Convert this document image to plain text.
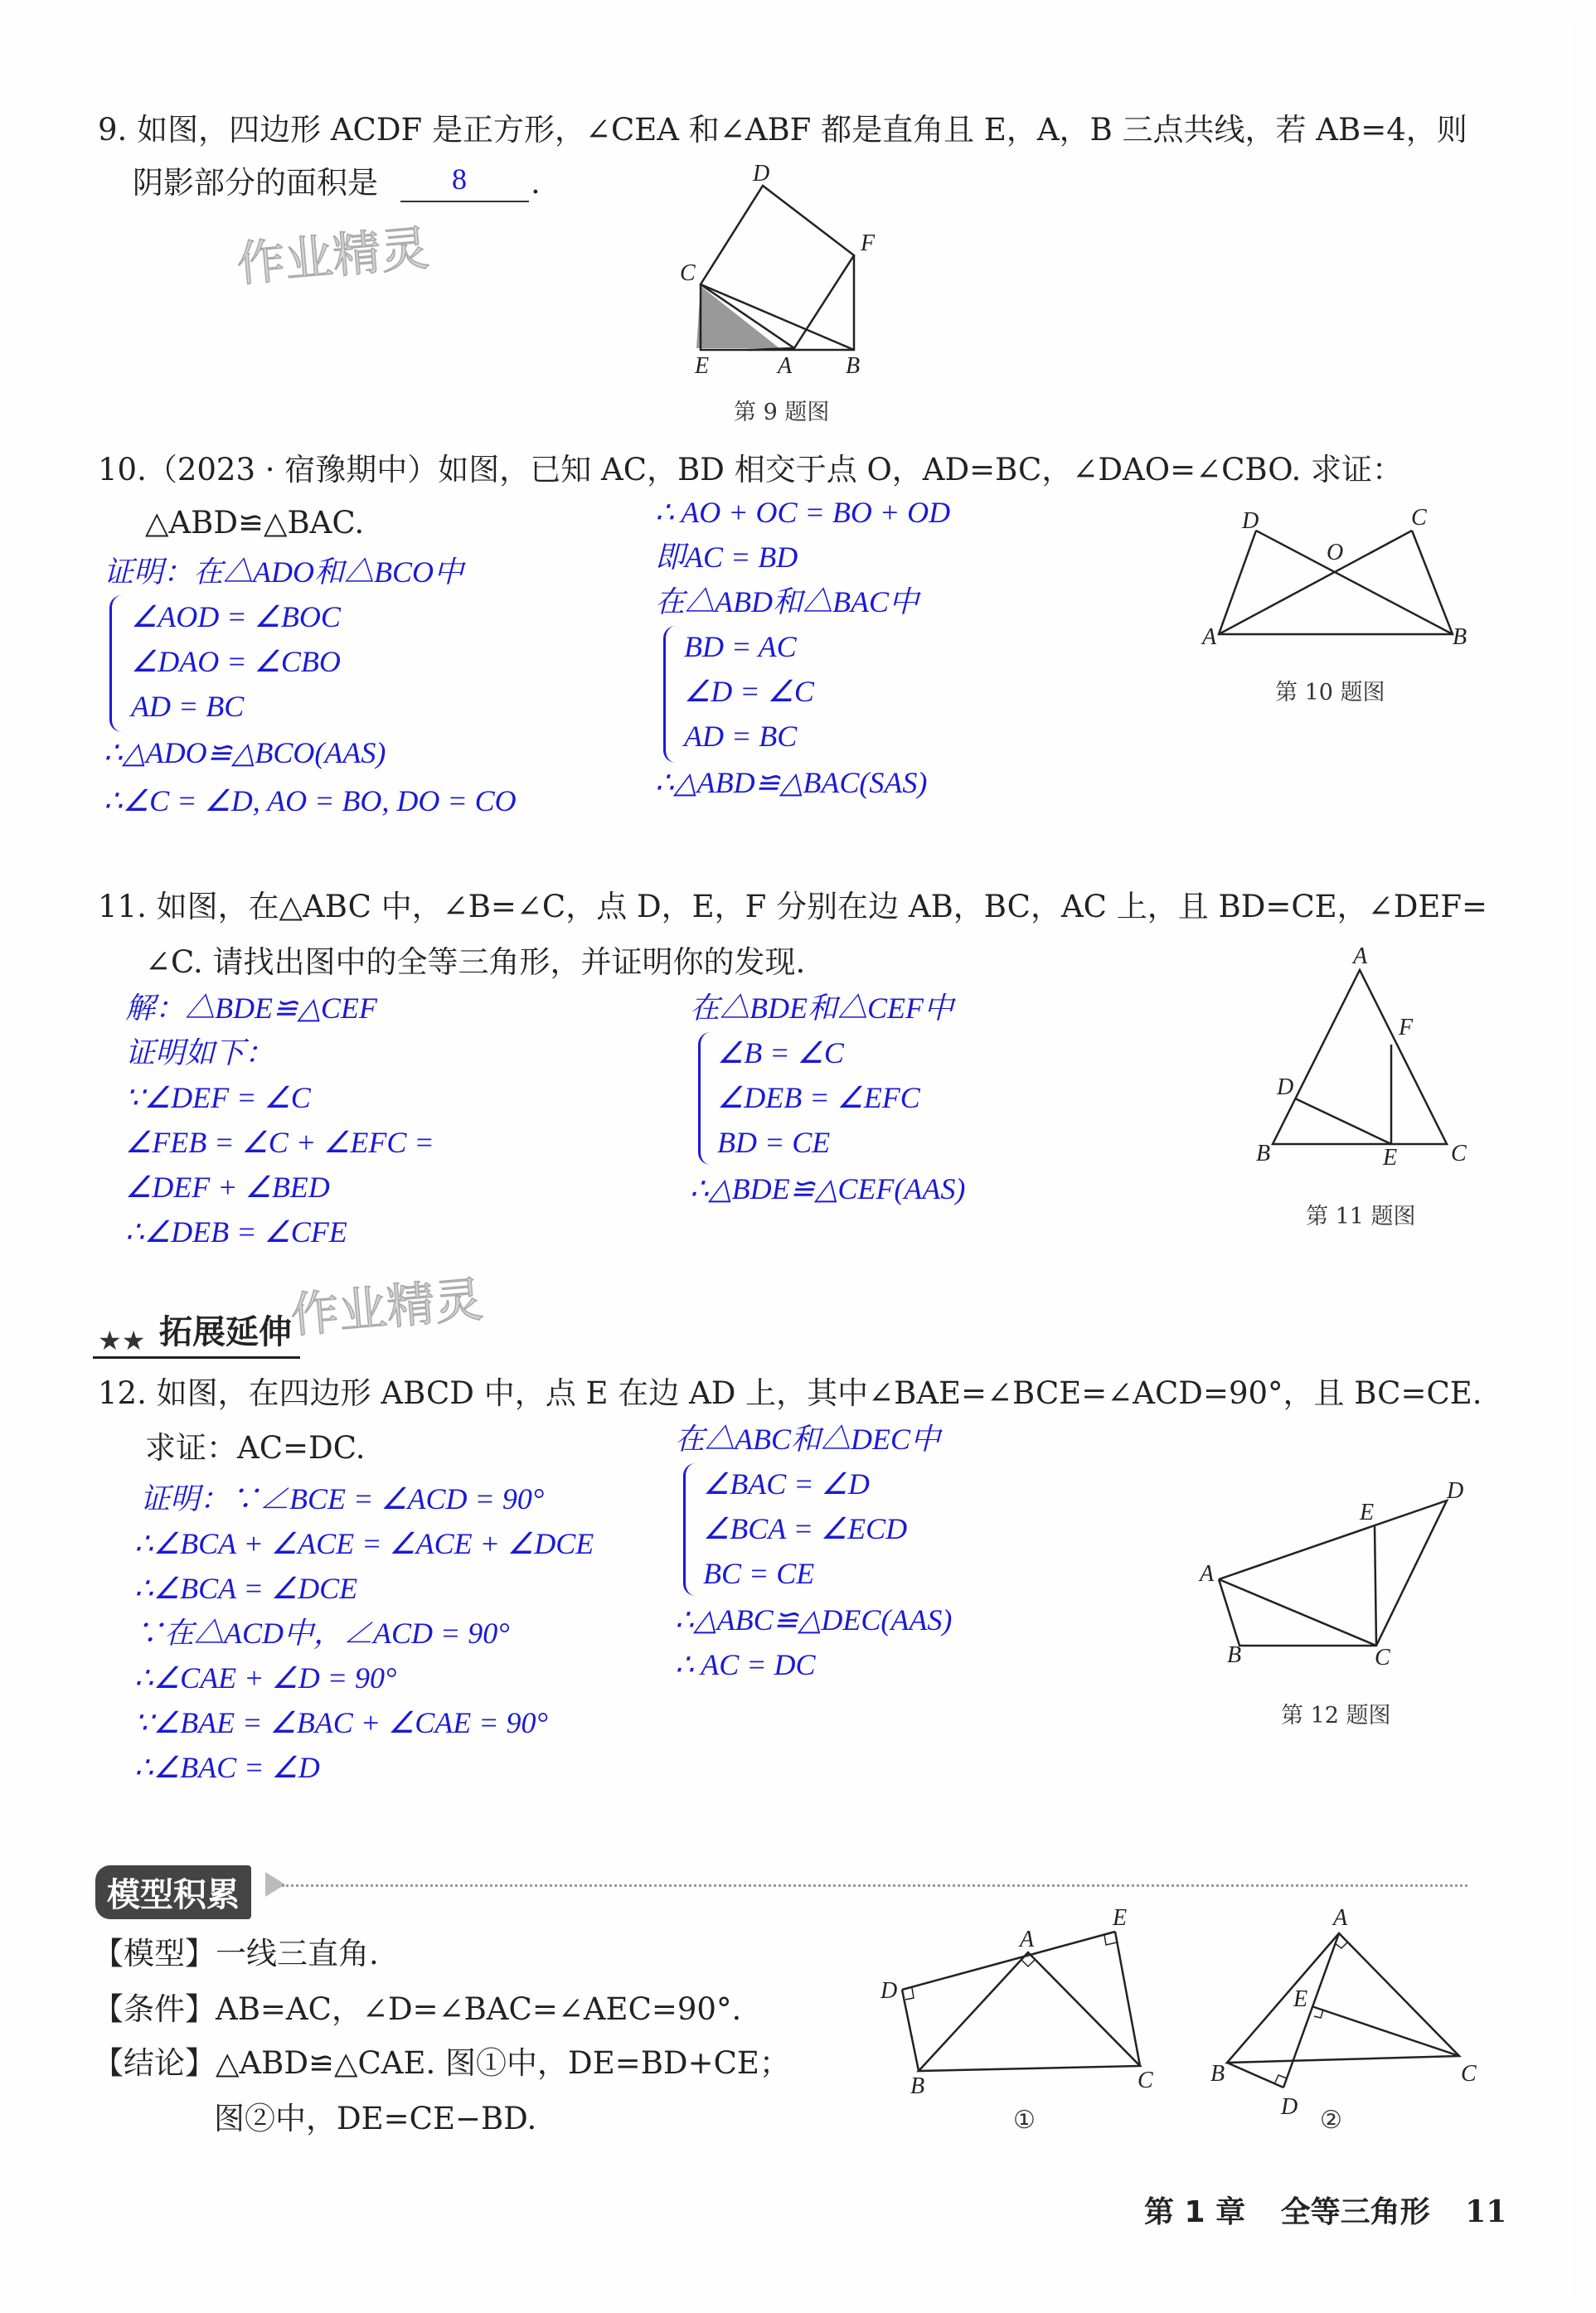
9. 如图，四边形 ACDF 是正方形，∠CEA 和∠ABF 都是直角且 E，A，B 三点共线，若 AB=4，则
阴影部分的面积是 8 .
作业精灵
D
F
C
E	A B
第 9 题图
10.（2023 · 宿豫期中）如图，已知 AC，BD 相交于点 O，AD=BC，∠DAO=∠CBO. 求证：
△ABD≌△BAC.
证明：在△ADO和△BCO中
∠AOD = ∠BOC
∠DAO = ∠CBO
AD = BC
∴△ADO≌△BCO(AAS)
∴∠C = ∠D, AO = BO, DO = CO
∴ AO + OC = BO + OD
即AC = BD
在△ABD和△BAC中
BD = AC
∠D = ∠C
AD = BC
∴△ABD≌△BAC(SAS)
D	C
O
A	B
第 10 题图
11. 如图，在△ABC 中，∠B=∠C，点 D，E，F 分别在边 AB，BC，AC 上，且 BD=CE，∠DEF=
∠C. 请找出图中的全等三角形，并证明你的发现.
解：△BDE≌△CEF
证明如下：
∵∠DEF = ∠C
∠FEB = ∠C + ∠EFC =
∠DEF + ∠BED
∴∠DEB = ∠CFE
在△BDE和△CEF中
∠B = ∠C
∠DEB = ∠EFC
BD = CE
∴△BDE≌△CEF(AAS)
A
F
D
B	E C
第 11 题图
拓展延伸
★★	作业精灵
12. 如图，在四边形 ABCD 中，点 E 在边 AD 上，其中∠BAE=∠BCE=∠ACD=90°，且 BC=CE.
求证：AC=DC.
证明：∵∠BCE = ∠ACD = 90°
∴∠BCA + ∠ACE = ∠ACE + ∠DCE
∴∠BCA = ∠DCE
∵在△ACD中，∠ACD = 90°
∴∠CAE + ∠D = 90°
∵∠BAE = ∠BAC + ∠CAE = 90°
∴∠BAC = ∠D
在△ABC和△DEC中
∠BAC = ∠D
∠BCA = ∠ECD
BC = CE
∴△ABC≌△DEC(AAS)
∴ AC = DC
E
D
A
B	C
第 12 题图
模型积累
【模型】一线三直角.
【条件】AB=AC，∠D=∠BAC=∠AEC=90°.
【结论】△ABD≌△CAE. 图①中，DE=BD+CE；
图②中，DE=CE−BD.
E
A
D
B	C
①
A
E
B	C
D ②
第 1 章 全等三角形 11
